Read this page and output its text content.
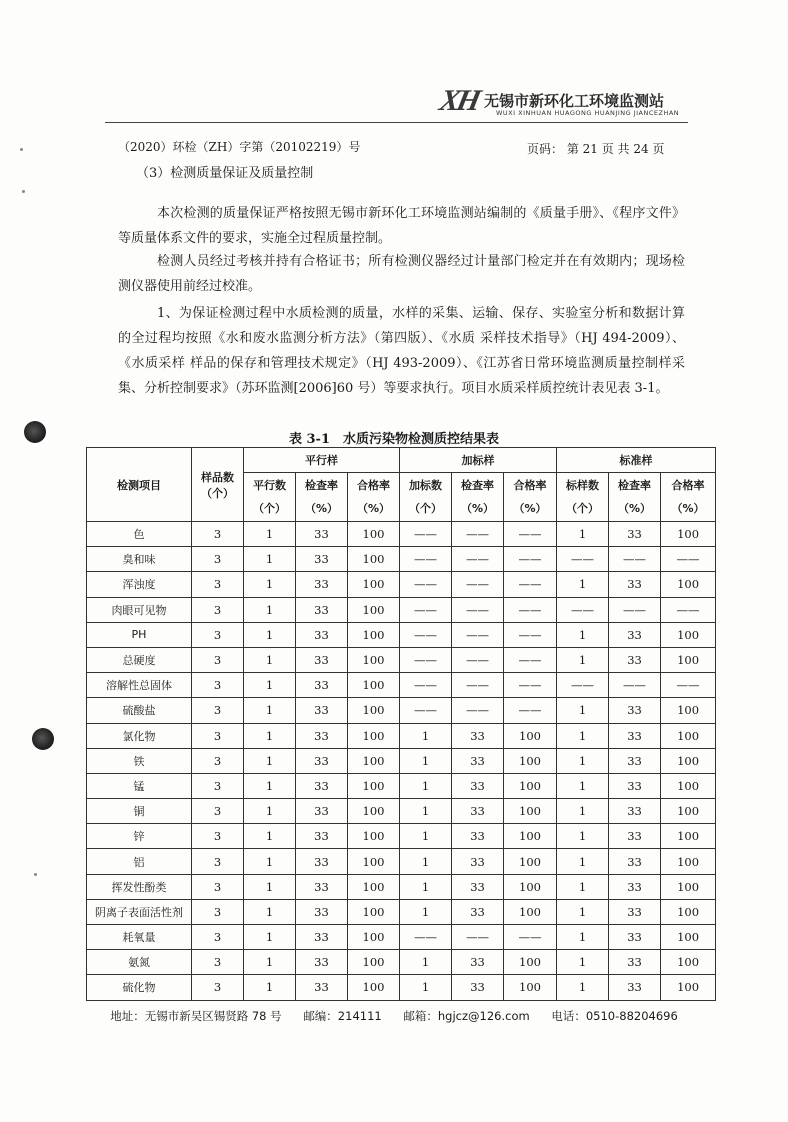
XH 无锡市新环化工环境监测站
WUXI XINHUAN HUAGONG HUANJING JIANCEZHAN
（2020）环检（ZH）字第（20102219）号	页码： 第 21 页 共 24 页
（3）检测质量保证及质量控制
本次检测的质量保证严格按照无锡市新环化工环境监测站编制的《质量手册》、《程序文件》等质量体系文件的要求，实施全过程质量控制。
检测人员经过考核并持有合格证书；所有检测仪器经过计量部门检定并在有效期内；现场检测仪器使用前经过校准。
1、为保证检测过程中水质检测的质量，水样的采集、运输、保存、实验室分析和数据计算的全过程均按照《水和废水监测分析方法》（第四版）、《水质 采样技术指导》（HJ 494-2009）、《水质采样 样品的保存和管理技术规定》（HJ 493-2009）、《江苏省日常环境监测质量控制样采集、分析控制要求》（苏环监测[2006]60 号）等要求执行。项目水质采样质控统计表见表 3-1。
表 3-1　水质污染物检测质控结果表
检测项目	样品数（个）	平行样			加标样			标准样		
		平行数（个）	检查率（%）	合格率（%）	加标数（个）	检查率（%）	合格率（%）	标样数（个）	检查率（%）	合格率（%）
色	3	1	33	100	——	——	——	1	33	100
臭和味	3	1	33	100	——	——	——	——	——	——
浑浊度	3	1	33	100	——	——	——	1	33	100
肉眼可见物	3	1	33	100	——	——	——	——	——	——
PH	3	1	33	100	——	——	——	1	33	100
总硬度	3	1	33	100	——	——	——	1	33	100
溶解性总固体	3	1	33	100	——	——	——	——	——	——
硫酸盐	3	1	33	100	——	——	——	1	33	100
氯化物	3	1	33	100	1	33	100	1	33	100
铁	3	1	33	100	1	33	100	1	33	100
锰	3	1	33	100	1	33	100	1	33	100
铜	3	1	33	100	1	33	100	1	33	100
锌	3	1	33	100	1	33	100	1	33	100
铝	3	1	33	100	1	33	100	1	33	100
挥发性酚类	3	1	33	100	1	33	100	1	33	100
阴离子表面活性剂	3	1	33	100	1	33	100	1	33	100
耗氧量	3	1	33	100	——	——	——	1	33	100
氨氮	3	1	33	100	1	33	100	1	33	100
硫化物	3	1	33	100	1	33	100	1	33	100
地址：无锡市新吴区锡贤路 78 号 邮编：214111 邮箱：hgjcz@126.com 电话：0510-88204696
